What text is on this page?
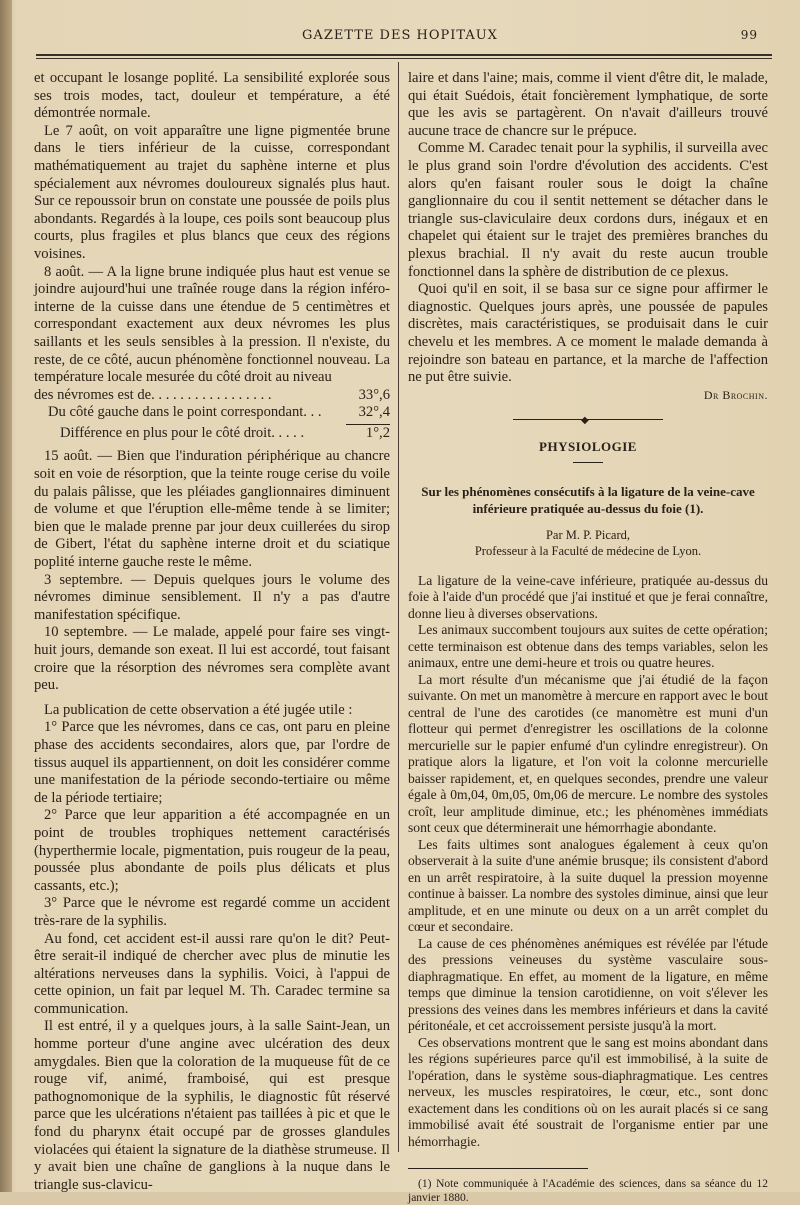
GAZETTE DES HOPITAUX	99

et occupant le losange poplité. La sensibilité explorée sous ses trois modes, tact, douleur et température, a été démontrée normale.

Le 7 août, on voit apparaître une ligne pigmentée brune dans le tiers inférieur de la cuisse, correspondant mathématiquement au trajet du saphène interne et plus spécialement aux névromes douloureux signalés plus haut. Sur ce repoussoir brun on constate une poussée de poils plus abondants. Regardés à la loupe, ces poils sont beaucoup plus courts, plus fragiles et plus blancs que ceux des régions voisines.

8 août. — A la ligne brune indiquée plus haut est venue se joindre aujourd'hui une traînée rouge dans la région inféro-interne de la cuisse dans une étendue de 5 centimètres et correspondant exactement aux deux névromes les plus saillants et les seuls sensibles à la pression. Il n'existe, du reste, de ce côté, aucun phénomène fonctionnel nouveau. La température locale mesurée du côté droit au niveau

des névromes est de. . . . . . . . . . . . . . . . .	33°,6
Du côté gauche dans le point correspondant. . .	32°,4
Différence en plus pour le côté droit. . . . .	1°,2

15 août. — Bien que l'induration périphérique au chancre soit en voie de résorption, que la teinte rouge cerise du voile du palais pâlisse, que les pléiades ganglionnaires diminuent de volume et que l'éruption elle-même tende à se limiter; bien que le malade prenne par jour deux cuillerées du sirop de Gibert, l'état du saphène interne droit et du sciatique poplité interne gauche reste le même.

3 septembre. — Depuis quelques jours le volume des névromes diminue sensiblement. Il n'y a pas d'autre manifestation spécifique.

10 septembre. — Le malade, appelé pour faire ses vingt-huit jours, demande son exeat. Il lui est accordé, tout faisant croire que la résorption des névromes sera complète avant peu.

La publication de cette observation a été jugée utile :

1° Parce que les névromes, dans ce cas, ont paru en pleine phase des accidents secondaires, alors que, par l'ordre de tissus auquel ils appartiennent, on doit les considérer comme une manifestation de la période secondo-tertiaire ou même de la période tertiaire;

2° Parce que leur apparition a été accompagnée en un point de troubles trophiques nettement caractérisés (hyperthermie locale, pigmentation, puis rougeur de la peau, poussée plus abondante de poils plus délicats et plus cassants, etc.);

3° Parce que le névrome est regardé comme un accident très-rare de la syphilis.

Au fond, cet accident est-il aussi rare qu'on le dit? Peut-être serait-il indiqué de chercher avec plus de minutie les altérations nerveuses dans la syphilis. Voici, à l'appui de cette opinion, un fait par lequel M. Th. Caradec termine sa communication.

Il est entré, il y a quelques jours, à la salle Saint-Jean, un homme porteur d'une angine avec ulcération des deux amygdales. Bien que la coloration de la muqueuse fût de ce rouge vif, animé, framboisé, qui est presque pathognomonique de la syphilis, le diagnostic fût réservé parce que les ulcérations n'étaient pas taillées à pic et que le fond du pharynx était occupé par de grosses glandules violacées qui étaient la signature de la diathèse strumeuse. Il y avait bien une chaîne de ganglions à la nuque dans le triangle sus-clavicu-

laire et dans l'aine; mais, comme il vient d'être dit, le malade, qui était Suédois, était foncièrement lymphatique, de sorte que les avis se partagèrent. On n'avait d'ailleurs trouvé aucune trace de chancre sur le prépuce.

Comme M. Caradec tenait pour la syphilis, il surveilla avec le plus grand soin l'ordre d'évolution des accidents. C'est alors qu'en faisant rouler sous le doigt la chaîne ganglionnaire du cou il sentit nettement se détacher dans le triangle sus-claviculaire deux cordons durs, inégaux et en chapelet qui étaient sur le trajet des premières branches du plexus brachial. Il n'y avait du reste aucun trouble fonctionnel dans la sphère de distribution de ce plexus.

Quoi qu'il en soit, il se basa sur ce signe pour affirmer le diagnostic. Quelques jours après, une poussée de papules discrètes, mais caractéristiques, se produisait dans le cuir chevelu et les membres. A ce moment le malade demanda à rejoindre son bateau en partance, et la marche de l'affection ne put être suivie.

Dr Brochin.
◆
PHYSIOLOGIE
Sur les phénomènes consécutifs à la ligature de la veine-cave inférieure pratiquée au-dessus du foie (1).
Par M. P. Picard,
Professeur à la Faculté de médecine de Lyon.

La ligature de la veine-cave inférieure, pratiquée au-dessus du foie à l'aide d'un procédé que j'ai institué et que je ferai connaître, donne lieu à diverses observations.

Les animaux succombent toujours aux suites de cette opération; cette terminaison est obtenue dans des temps variables, selon les animaux, entre une demi-heure et trois ou quatre heures.

La mort résulte d'un mécanisme que j'ai étudié de la façon suivante. On met un manomètre à mercure en rapport avec le bout central de l'une des carotides (ce manomètre est muni d'un flotteur qui permet d'enregistrer les oscillations de la colonne mercurielle sur le papier enfumé d'un cylindre enregistreur). On pratique alors la ligature, et l'on voit la colonne mercurielle baisser rapidement, et, en quelques secondes, prendre une valeur égale à 0m,04, 0m,05, 0m,06 de mercure. Le nombre des systoles croît, leur amplitude diminue, etc.; les phénomènes immédiats sont ceux que déterminerait une hémorrhagie abondante.

Les faits ultimes sont analogues également à ceux qu'on observerait à la suite d'une anémie brusque; ils consistent d'abord en un arrêt respiratoire, à la suite duquel la pression moyenne continue à baisser. La nombre des systoles diminue, ainsi que leur amplitude, et en une minute ou deux on a un arrêt complet du cœur et secondaire.

La cause de ces phénomènes anémiques est révélée par l'étude des pressions veineuses du système vasculaire sous-diaphragmatique. En effet, au moment de la ligature, en même temps que diminue la tension carotidienne, on voit s'élever les pressions des veines dans les membres inférieurs et dans la cavité péritonéale, et cet accroissement persiste jusqu'à la mort.

Ces observations montrent que le sang est moins abondant dans les régions supérieures parce qu'il est immobilisé, à la suite de l'opération, dans le système sous-diaphragmatique. Les centres nerveux, les muscles respiratoires, le cœur, etc., sont donc exactement dans les conditions où on les aurait placés si ce sang immobilisé avait été soustrait de l'organisme entier par une hémorrhagie.

(1) Note communiquée à l'Académie des sciences, dans sa séance du 12 janvier 1880.
